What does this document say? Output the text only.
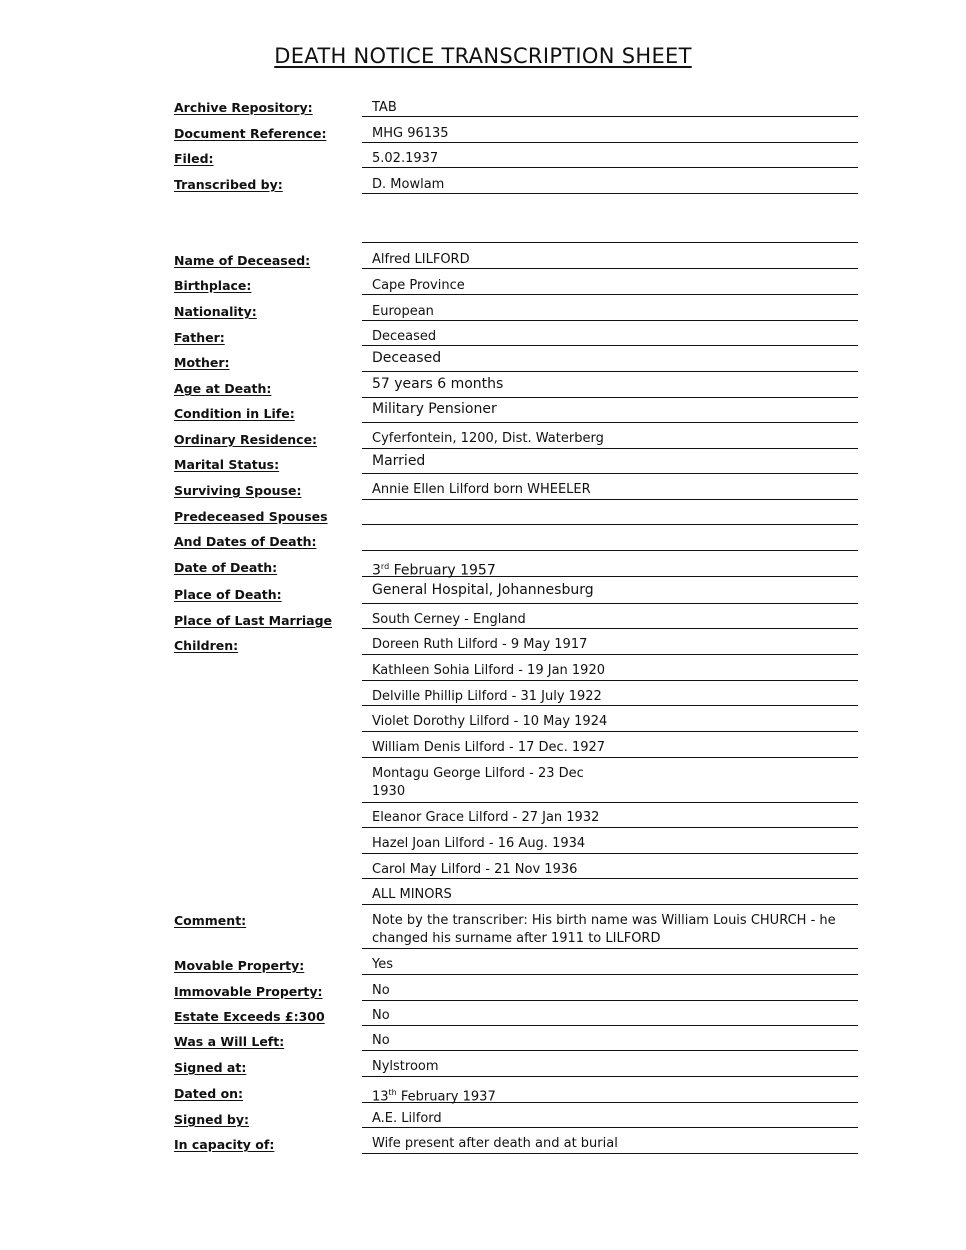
DEATH NOTICE TRANSCRIPTION SHEET
Archive Repository:	TAB
Document Reference:	MHG 96135
Filed:	5.02.1937
Transcribed by:	D. Mowlam
Name of Deceased:	Alfred LILFORD
Birthplace:	Cape Province
Nationality:	European
Father:	Deceased
Mother:	Deceased
Age at Death:	57 years 6 months
Condition in Life:	Military Pensioner
Ordinary Residence:	Cyferfontein, 1200, Dist. Waterberg
Marital Status:	Married
Surviving Spouse:	Annie Ellen Lilford born WHEELER
Predeceased Spouses
And Dates of Death:
Date of Death:	3rd February 1957
Place of Death:	General Hospital, Johannesburg
Place of Last Marriage	South Cerney - England
Children:	Doreen Ruth Lilford - 9 May 1917
Kathleen Sohia Lilford - 19 Jan 1920
Delville Phillip Lilford - 31 July 1922
Violet Dorothy Lilford - 10 May 1924
William Denis Lilford - 17 Dec. 1927
Montagu George Lilford - 23 Dec 1930
Eleanor Grace Lilford - 27 Jan 1932
Hazel Joan Lilford - 16 Aug. 1934
Carol May Lilford - 21 Nov 1936
ALL MINORS
Comment:	Note by the transcriber: His birth name was William Louis CHURCH - he changed his surname after 1911 to LILFORD
Movable Property:	Yes
Immovable Property:	No
Estate Exceeds £:300	No
Was a Will Left:	No
Signed at:	Nylstroom
Dated on:	13th February 1937
Signed by:	A.E. Lilford
In capacity of:	Wife present after death and at burial
